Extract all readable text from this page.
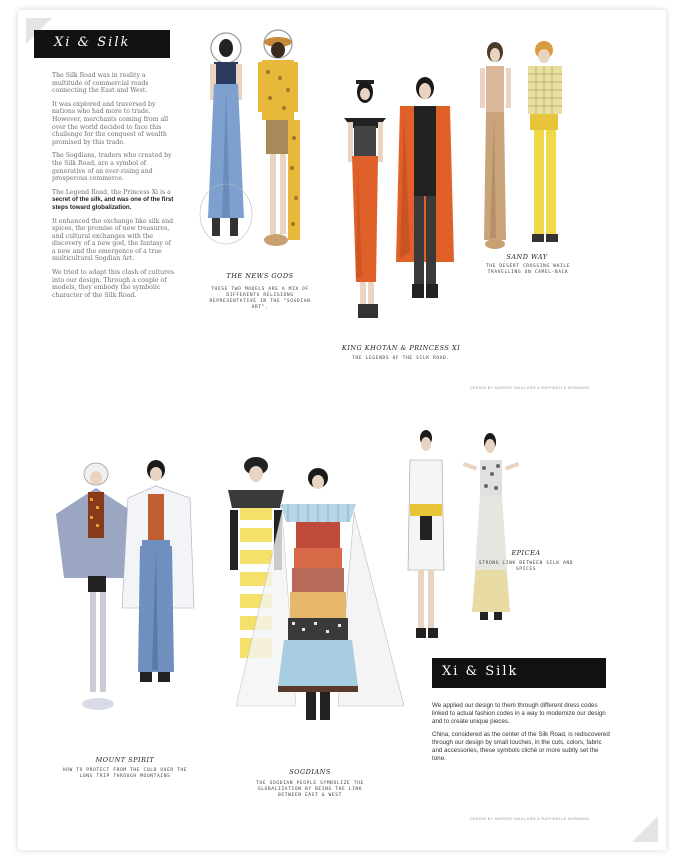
Xi & Silk

The Silk Road was in reality a multitude of commercial roads connecting the East and West.

It was explored and traversed by nations who had more to trade. However, merchants coming from all over the world decided to face this challenge for the conquest of wealth promised by this trade.

The Sogdians, traders who created by the Silk Road, are a symbol of generative of an ever-rising and prosperous commerce.

The Legend Road, the Princess Xi is a secret of the silk, and was one of the first steps toward globalization.

It enhanced the exchange like silk and spices, the promise of new treasures, and cultural exchanges with the discovery of a new god, the fantasy of a new and the emergence of a true multicultural Sogdian Art.

We tried to adapt this clash of cultures into our design. Through a couple of models, they embody the symbolic character of the Silk Road.

THE NEWS GODS
THESE TWO MODELS ARE A MIX OF DIFFERENTS RELIGIONS REPRESENTATIVE IN THE "SOGDIAN ART".
KING KHOTAN & PRINCESS XI
THE LEGENDS OF THE SILK ROAD.
SAND WAY
THE DESERT CROSSING WHILE TRAVELLING ON CAMEL-BACK
DESIGN BY MARGOT MAILLARD & RAPHAELLE NORMAND
MOUNT SPIRIT
HOW TO PROTECT FROM THE COLD OVER THE LONG TRIP THROUGH MOUNTAINS
SOGDIANS
THE SOGDIAN PEOPLE SYMBOLIZE THE GLOBALIZATION BY BEING THE LINK BETWEEN EAST & WEST
EPICEA
STRONG LINK BETWEEN SILK AND SPICES
Xi & Silk

We applied our design to them through different dress codes linked to actual fashion codes in a way to modernize our design and to create unique pieces.

China, considered as the center of the Silk Road, is rediscovered through our design by small touches, in the cuts, colors, fabric and accessories, these symbols cliché or more subtly set the tone.

DESIGN BY MARGOT MAILLARD & RAPHAELLE NORMAND
